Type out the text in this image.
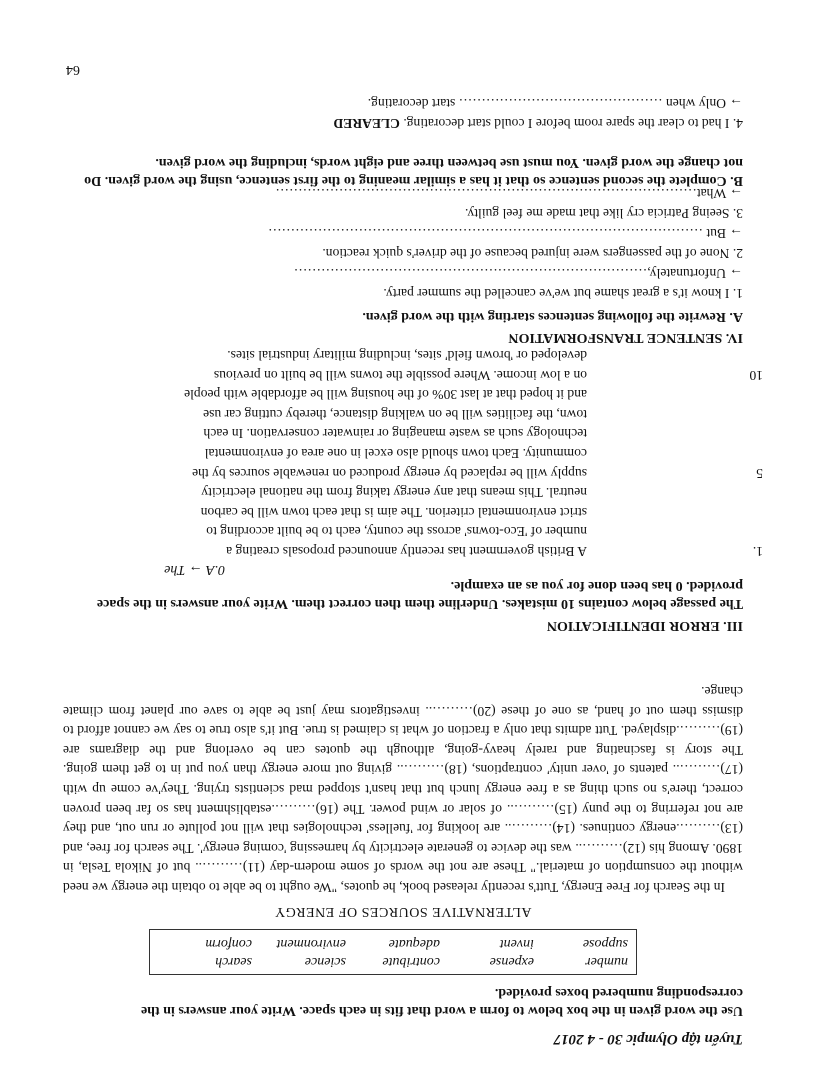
Tuyển tập Olympic 30 - 4 2017
Use the word given in the box below to form a word that fits in each space. Write your answers in the corresponding numbered boxes provided.
number
expense
contribute
science
search
suppose
invent
adequate
environment
conform
ALTERNATIVE SOURCES OF ENERGY
In the Search for Free Energy, Tutt's recently released book, he quotes, "We ought to be able to obtain the energy we need without the consumption of material." These are not the words of some modern-day (11)……….. but of Nikola Tesla, in 1890. Among his (12)……….. was the device to generate electricity by harnessing 'coming energy'. The search for free, and (13)……….energy continues. (14)……….. are looking for 'fuelless' technologies that will not pollute or run out, and they are not referring to the puny (15)……….. of solar or wind power. The (16)……….establishment has so far been proven correct, there's no such thing as a free energy lunch but that hasn't stopped mad scientists trying. They've come up with (17)……….. patents of 'over unity' contraptions, (18)……….. giving out more energy than you put in to get them going. The story is fascinating and rarely heavy-going, although the quotes can be overlong and the diagrams are (19)……….displayed. Tutt admits that only a fraction of what is claimed is true. But it's also true to say we cannot afford to dismiss them out of hand, as one of these (20)……….. investigators may just be able to save our planet from climate change.
III. ERROR IDENTIFICATION
The passage below contains 10 mistakes. Underline them then correct them. Write your answers in the space provided. 0 has been done for you as an example.
0.A → The
1.
5
10
A British government has recently announced proposals creating a
number of 'Eco-towns' across the county, each to be built according to
strict environmental criterion. The aim is that each town will be carbon
neutral. This means that any energy taking from the national electricity
supply will be replaced by energy produced on renewable sources by the
community. Each town should also excel in one area of environmental
technology such as waste managing or rainwater conservation. In each
town, the facilities will be on walking distance, thereby cutting car use
and it hoped that at last 30% of the housing will be affordable with people
on a low income. Where possible the towns will be built on previous
developed or 'brown field' sites, including military industrial sites.
IV. SENTENCE TRANSFORMATION
A. Rewrite the following sentences starting with the word given.
1. I know it's a great shame but we've cancelled the summer party.
→ Unfortunately,……………………………………………………………………
2. None of the passengers were injured because of the driver's quick reaction.
→ But ……………………………………………………………………………………
3. Seeing Patricia cry like that made me feel guilty.
→ What…………………………………………………………………………………
B. Complete the second sentence so that it has a similar meaning to the first sentence, using the word given. Do not change the word given. You must use between three and eight words, including the word given.
4. I had to clear the spare room before I could start decorating. CLEARED
→ Only when ……………………………………… start decorating.
64
